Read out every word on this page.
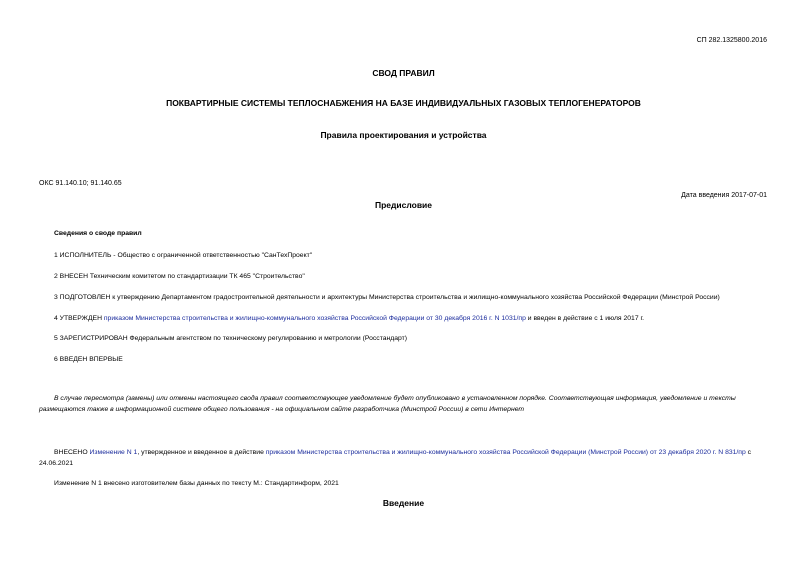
СП 282.1325800.2016
СВОД ПРАВИЛ
ПОКВАРТИРНЫЕ СИСТЕМЫ ТЕПЛОСНАБЖЕНИЯ НА БАЗЕ ИНДИВИДУАЛЬНЫХ ГАЗОВЫХ ТЕПЛОГЕНЕРАТОРОВ
Правила проектирования и устройства
ОКС 91.140.10; 91.140.65
Дата введения 2017-07-01
Предисловие
Сведения о своде правил
1 ИСПОЛНИТЕЛЬ - Общество с ограниченной ответственностью "СанТехПроект"
2 ВНЕСЕН Техническим комитетом по стандартизации ТК 465 "Строительство"
3 ПОДГОТОВЛЕН к утверждению Департаментом градостроительной деятельности и архитектуры Министерства строительства и жилищно-коммунального хозяйства Российской Федерации (Минстрой России)
4 УТВЕРЖДЕН приказом Министерства строительства и жилищно-коммунального хозяйства Российской Федерации от 30 декабря 2016 г. N 1031/пр и введен в действие с 1 июля 2017 г.
5 ЗАРЕГИСТРИРОВАН Федеральным агентством по техническому регулированию и метрологии (Росстандарт)
6 ВВЕДЕН ВПЕРВЫЕ
В случае пересмотра (замены) или отмены настоящего свода правил соответствующее уведомление будет опубликовано в установленном порядке. Соответствующая информация, уведомление и тексты размещаются также в информационной системе общего пользования - на официальном сайте разработчика (Минстрой России) в сети Интернет
ВНЕСЕНО Изменение N 1, утвержденное и введенное в действие приказом Министерства строительства и жилищно-коммунального хозяйства Российской Федерации (Минстрой России) от 23 декабря 2020 г. N 831/пр с 24.06.2021
Изменение N 1 внесено изготовителем базы данных по тексту М.: Стандартинформ, 2021
Введение
